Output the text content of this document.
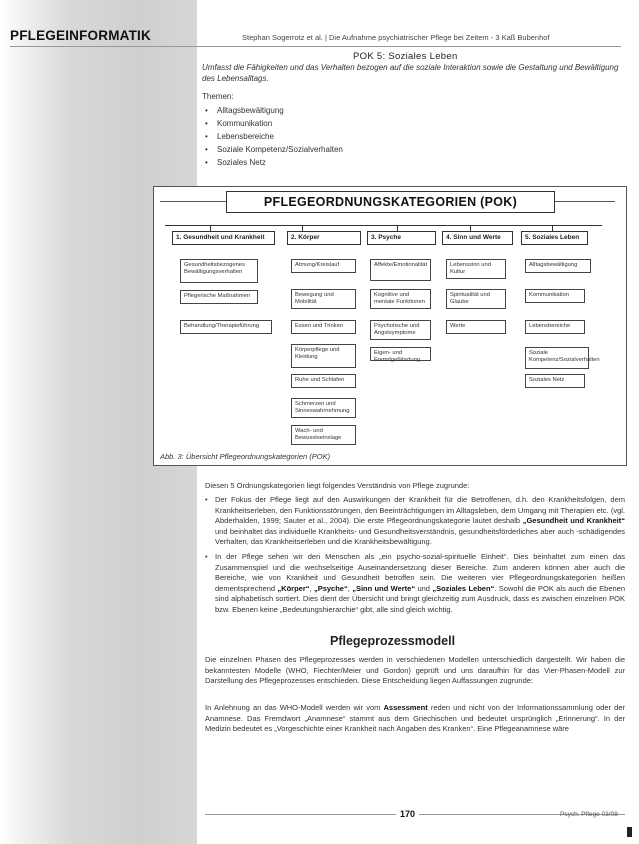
PFLEGEINFORMATIK	Stephan Sogerrotz et al. | Die Aufnahme psychiatrischer Pflege bei Zeitem - 3 Kaß Bubenhof
POK 5: Soziales Leben
Umfasst die Fähigkeiten und das Verhalten bezogen auf die soziale Interaktion sowie die Gestaltung und Bewältigung des Lebensalltags.
Themen:
• Alltagsbewältigung
• Kommunikation
• Lebensbereiche
• Soziale Kompetenz/Sozialverhalten
• Soziales Netz
PFLEGEORDNUNGSKATEGORIEN (POK)
1. Gesundheit und Krankheit
Gesundheitsbezogenes Bewältigungsverhalten
Pflegerische Maßnahmen
Behandlung/Therapieführung
2. Körper
Atmung/Kreislauf
Bewegung und Mobilität
Essen und Trinken
Körperpflege und Kleidung
Ruhe und Schlafen
Schmerzen und Sinneswahrnehmung
Wach- und Bewusstseinslage
3. Psyche
Affekte/Emotionalität
Kognitive und mentale Funktionen
Psychotische und Angstsymptome
Eigen- und Fremdgefährdung
4. Sinn und Werte
Lebenssinn und Kultur
Spiritualität und Glaube
Werte
5. Soziales Leben
Alltagsbewältigung
Kommunikation
Lebensbereiche
Soziale Kompetenz/Sozialverhalten
Soziales Netz
Abb. 3: Übersicht Pflegeordnungskategorien (POK)
Diesen 5 Ordnungskategorien liegt folgendes Verständnis von Pflege zugrunde:
• Der Fokus der Pflege liegt auf den Auswirkungen der Krankheit für die Betroffenen, d.h. den Krankheitsfolgen, dem Krankheitserleben, den Funktionsstörungen, den Beeinträchtigungen im Alltagsleben, dem Umgang mit Therapien etc. (vgl. Abderhalden, 1999; Sauter et al., 2004). Die erste Pflegeordnungskategorie lautet deshalb „Gesundheit und Krankheit“ und beinhaltet das individuelle Krankheits- und Gesundheitsverständnis, gesundheitsförderliches aber auch -schädigendes Verhalten, das Krankheitserleben und die Krankheitsbewältigung.
• In der Pflege sehen wir den Menschen als „ein psycho-sozial-spirituelle Einheit“. Dies beinhaltet zum einen das Zusammenspiel und die wechselseitige Auseinandersetzung dieser Bereiche. Zum anderen können aber auch die Bereiche, wie von Krankheit und Gesundheit betroffen sein. Die weiteren vier Pflegeordnungskategorien heißen dementsprechend „Körper“, „Psyche“, „Sinn und Werte“ und „Soziales Leben“. Sowohl die POK als auch die Ebenen sind alphabetisch sortiert. Dies dient der Übersicht und bringt gleichzeitig zum Ausdruck, dass es zwischen einzelnen POK bzw. Ebenen keine „Bedeutungshierarchie“ gibt, alle sind gleich wichtig.
Pflegeprozessmodell
Die einzelnen Phasen des Pflegeprozesses werden in verschiedenen Modellen unterschiedlich dargestellt. Wir haben die bekanntesten Modelle (WHO, Fiechter/Meier und Gordon) geprüft und uns daraufhin für das Vier-Phasen-Modell zur Darstellung des Pflegeprozesses entschieden. Diese Entscheidung liegen Auffassungen zugrunde:
In Anlehnung an das WHO-Modell werden wir vom Assessment reden und nicht von der Informationssammlung oder der Anamnese. Das Fremdwort „Anamnese“ stammt aus dem Griechischen und bedeutet ursprünglich „Erinnerung“. In der Medizin bedeutet es „Vorgeschichte einer Krankheit nach Angaben des Kranken“. Eine Pflegeanamnese wäre
170	Psych. Pflege 03/08
